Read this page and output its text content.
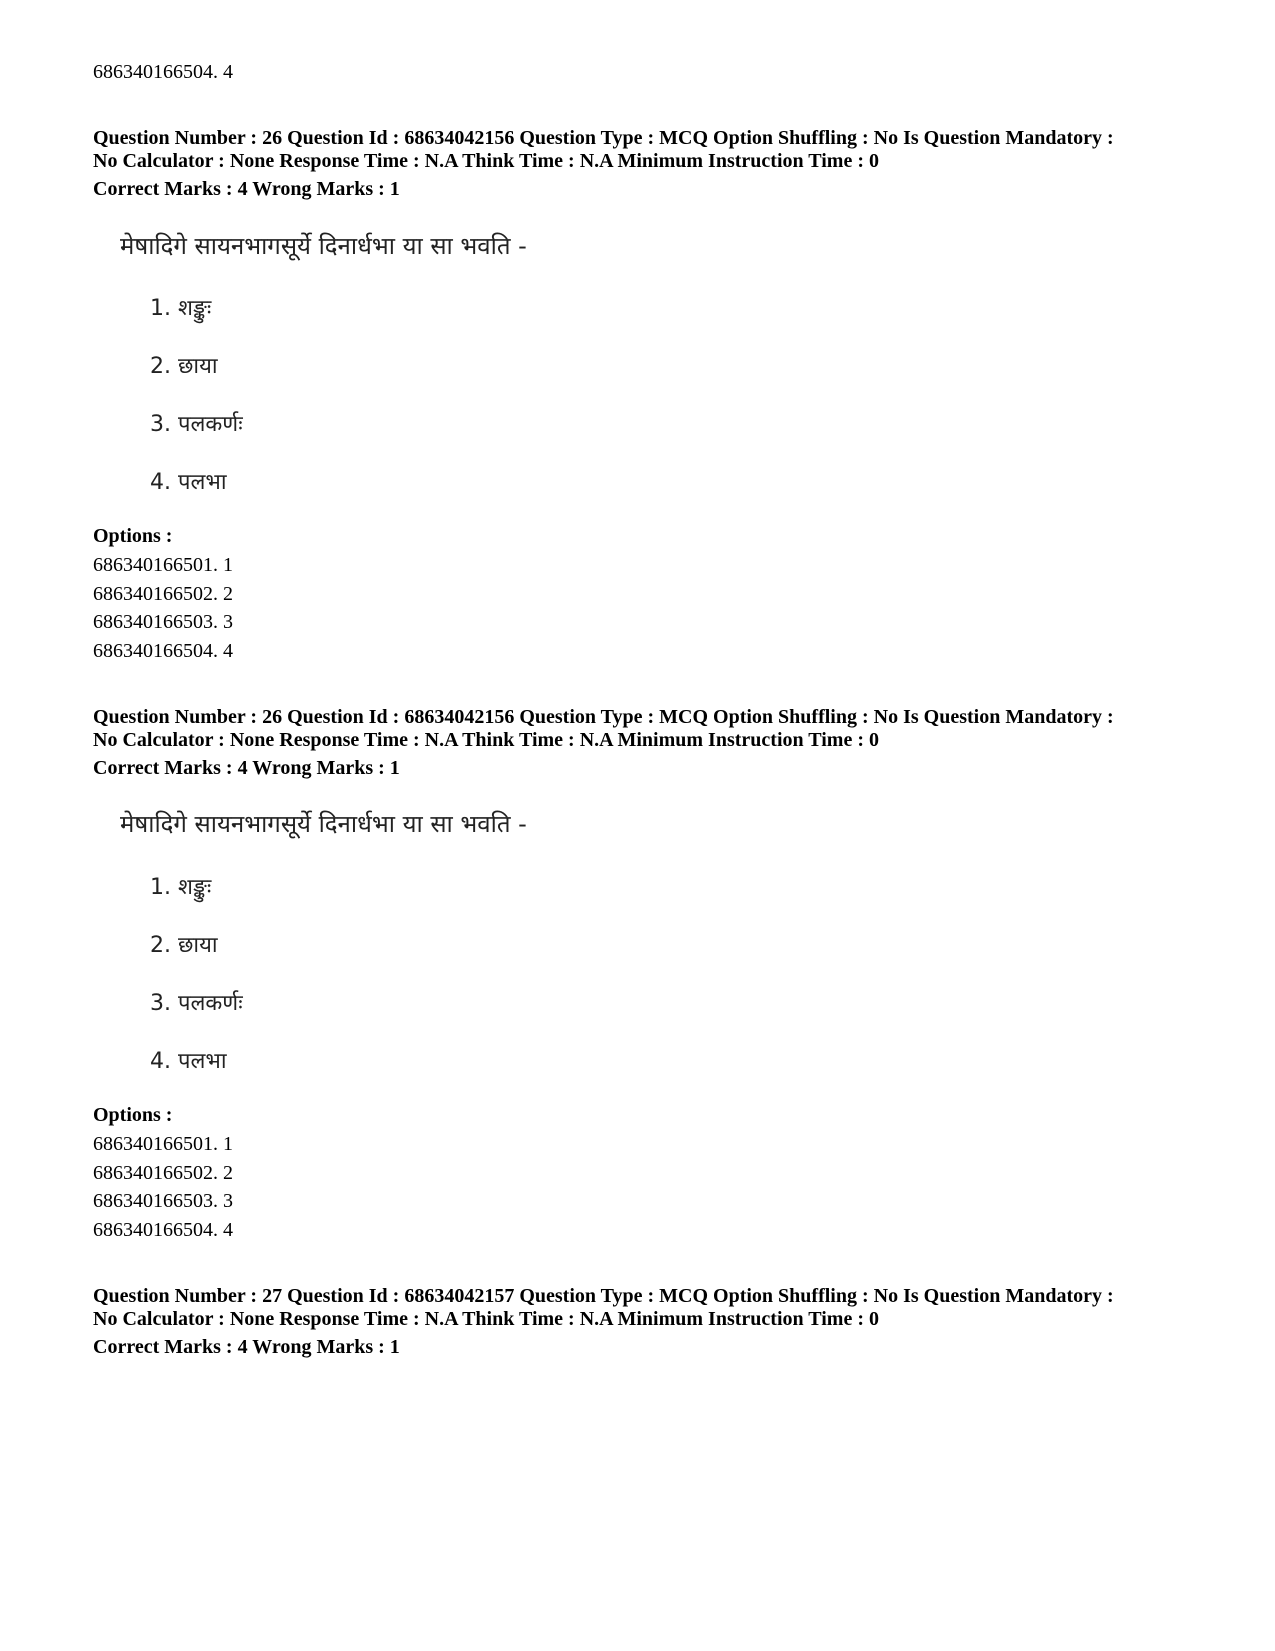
686340166504. 4
Question Number : 26 Question Id : 68634042156 Question Type : MCQ Option Shuffling : No Is Question Mandatory :
No Calculator : None Response Time : N.A Think Time : N.A Minimum Instruction Time : 0
Correct Marks : 4 Wrong Marks : 1
मेषादिगे सायनभागसूर्ये दिनार्धभा या सा भवति -
1. शङ्कुः
2. छाया
3. पलकर्णः
4. पलभा
Options :
686340166501. 1
686340166502. 2
686340166503. 3
686340166504. 4
Question Number : 26 Question Id : 68634042156 Question Type : MCQ Option Shuffling : No Is Question Mandatory :
No Calculator : None Response Time : N.A Think Time : N.A Minimum Instruction Time : 0
Correct Marks : 4 Wrong Marks : 1
मेषादिगे सायनभागसूर्ये दिनार्धभा या सा भवति -
1. शङ्कुः
2. छाया
3. पलकर्णः
4. पलभा
Options :
686340166501. 1
686340166502. 2
686340166503. 3
686340166504. 4
Question Number : 27 Question Id : 68634042157 Question Type : MCQ Option Shuffling : No Is Question Mandatory :
No Calculator : None Response Time : N.A Think Time : N.A Minimum Instruction Time : 0
Correct Marks : 4 Wrong Marks : 1
